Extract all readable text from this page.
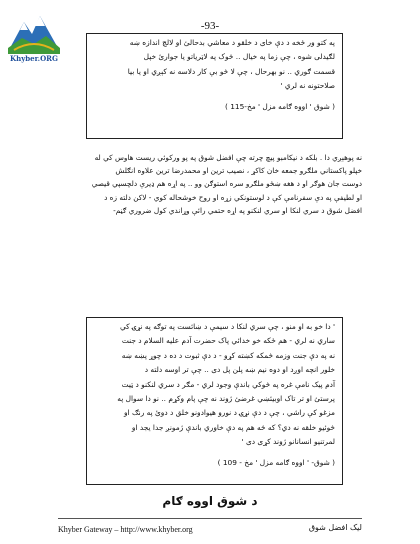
Khyber.ORG
-93-

په کتو ور ځخه د دې خاى د خلقو د معاشي بدحالئ او لالچ اندازه ښه

لګيدلى شوه ، چې زما په خيال .. څوک په لاټرياتو يا جوارئ خپل

قسمت ګوري .. نو بهرحال ، چې لا څو بې کار دلاسه نه کېږي او يا بيا

صلاحتونه نه لري '

( شوق ' اووه ګامه مزل ' مخ-115 )

نه پوهېږي دا . بلکه د نيکامبو پيچ چرته چې افضل شوق په پو ورکوئي ريست هاوس کي له

خپلو پاکستاني ملګرو جمعه خان کاکړ ، نصيب ترين او محمدرضا ترين علاوه انګلش

دوست جان هوګر او د هغه ښځو ملګرو سره استوګن وو .. په اړه هم ډيرې دلچسپي قيصي

او لطيفې په دې سفرنامې کې د لوستونکي زړه او روح خوشحاله کوي - لاکن دلته زه د

افضل شوق د سري لنکا او سري لنکنو په اړه حتمي رائې وړاندي کول ضروري ګڼم-

' دا خو به او منو ، چې سري لنکا د سيمې د ښائست په توګه په نړۍ کي

ساري نه لري - هم ځکه خو خدائي پاک حضرت آدم عليه السلام د جنت

نه په دې جنت وزمه څمکه کښته کړو - د دې ثبوت د ده د چوړ پښه ښه

خلور انچه اوږد او دوه نيم ښه پلن پل دی .. چې تر اوسه دلته د

آدم پيک نامې غره په څوکي باندې وجود لري - مګر د سري لنکنو د ټيت

پرستئ او تر تاک اوبيئښي غرضئ ژوند نه چې پام وکړم .. نو دا سوال په

مزغو کې راشي ، چې د دې نړۍ د نورو هيوادونو خلق د دوئ په رنګ او

څوئيو خلقه نه دي؟ که څه هم په دې خاوري باندې ژمونږ جدا يجد او

لمرتنيو انسانانو ژوند کړی دی '

( شوق- ' اووه ګامه مزل ' مخ - 109 )

د شوق اووه ګام
Khyber Gateway – http://www.khyber.org	ليک افضل شوق
